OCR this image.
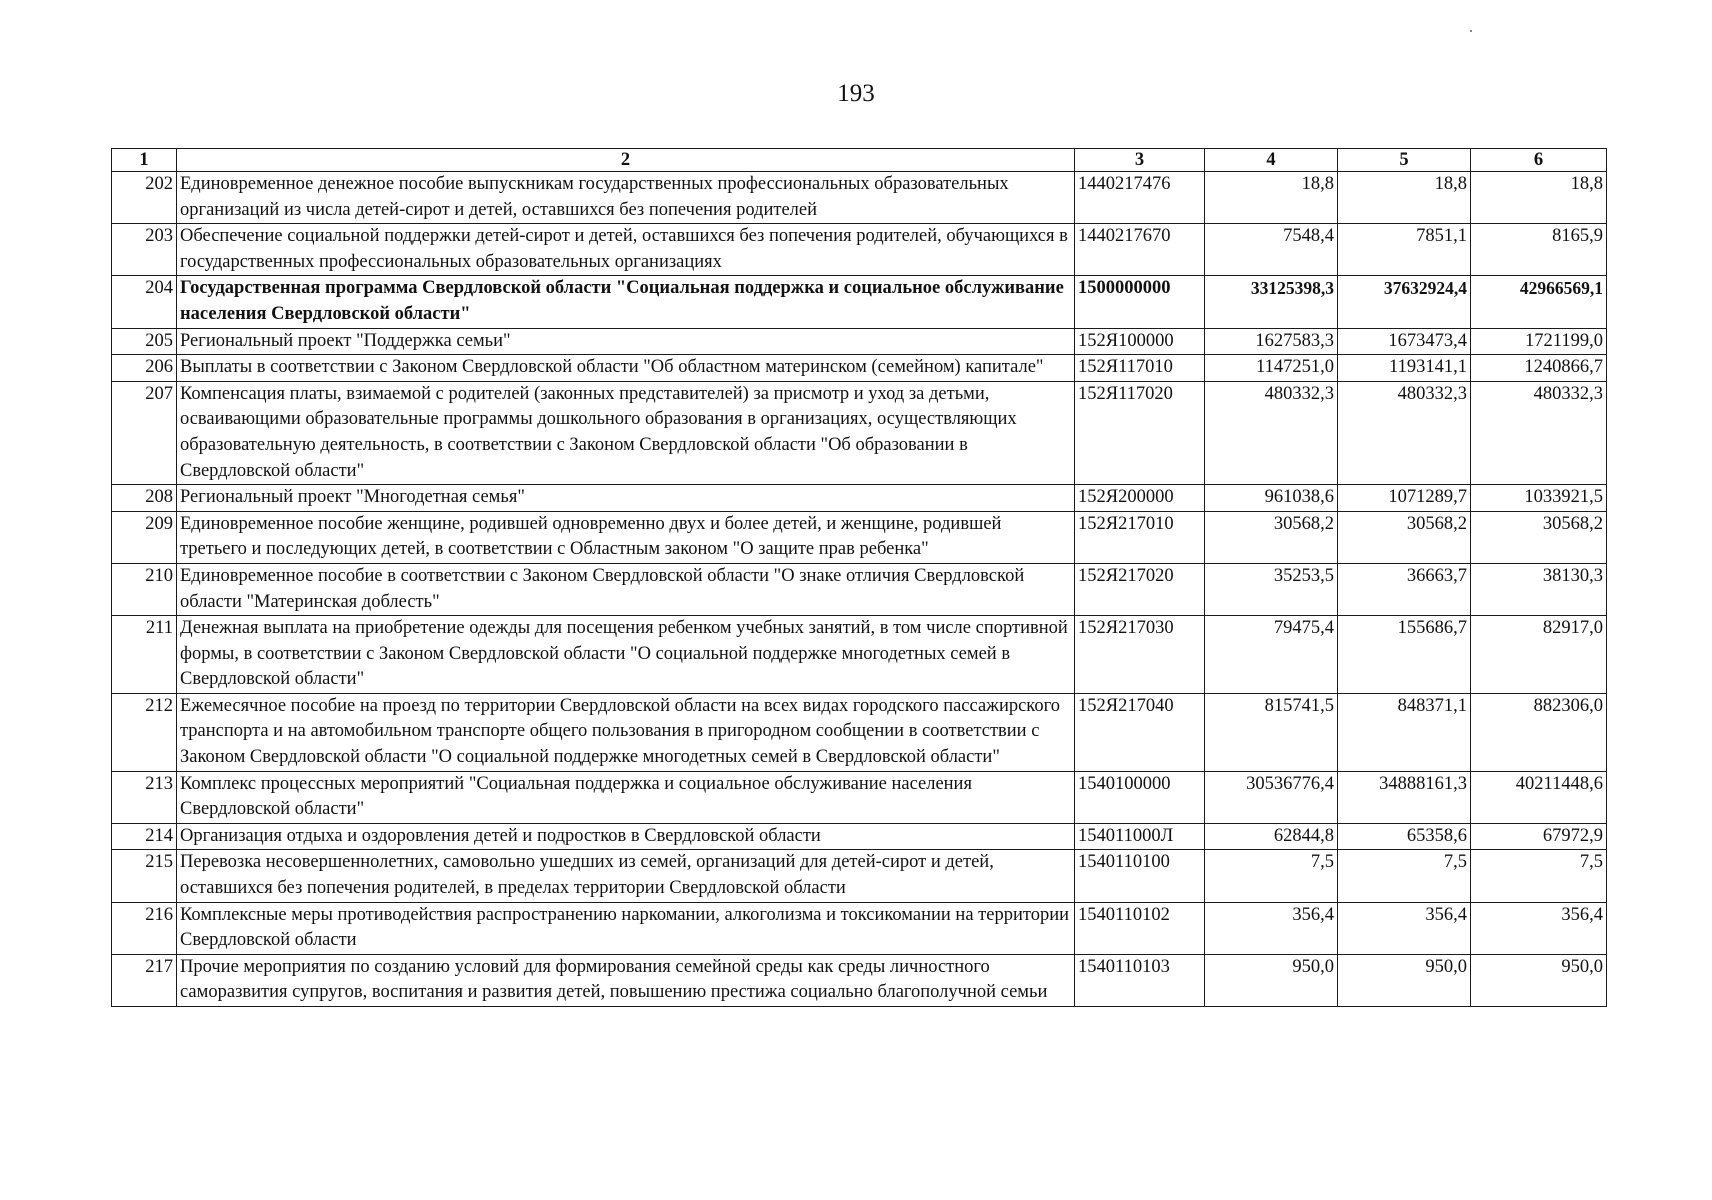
193
1	2	3	4	5	6

202	Единовременное денежное пособие выпускникам государственных профессиональных образовательных организаций из числа детей-сирот и детей, оставшихся без попечения родителей	1440217476	18,8	18,8	18,8

203	Обеспечение социальной поддержки детей-сирот и детей, оставшихся без попечения родителей, обучающихся в государственных профессиональных образовательных организациях	1440217670	7548,4	7851,1	8165,9

204	Государственная программа Свердловской области "Социальная поддержка и социальное обслуживание населения Свердловской области"	1500000000	33125398,3	37632924,4	42966569,1

205	Региональный проект "Поддержка семьи"	152Я100000	1627583,3	1673473,4	1721199,0

206	Выплаты в соответствии с Законом Свердловской области "Об областном материнском (семейном) капитале"	152Я117010	1147251,0	1193141,1	1240866,7

207	Компенсация платы, взимаемой с родителей (законных представителей) за присмотр и уход за детьми, осваивающими образовательные программы дошкольного образования в организациях, осуществляющих образовательную деятельность, в соответствии с Законом Свердловской области "Об образовании в Свердловской области"	152Я117020	480332,3	480332,3	480332,3

208	Региональный проект "Многодетная семья"	152Я200000	961038,6	1071289,7	1033921,5

209	Единовременное пособие женщине, родившей одновременно двух и более детей, и женщине, родившей третьего и последующих детей, в соответствии с Областным законом "О защите прав ребенка"	152Я217010	30568,2	30568,2	30568,2

210	Единовременное пособие в соответствии с Законом Свердловской области "О знаке отличия Свердловской области "Материнская доблесть"	152Я217020	35253,5	36663,7	38130,3

211	Денежная выплата на приобретение одежды для посещения ребенком учебных занятий, в том числе спортивной формы, в соответствии с Законом Свердловской области "О социальной поддержке многодетных семей в Свердловской области"	152Я217030	79475,4	155686,7	82917,0

212	Ежемесячное пособие на проезд по территории Свердловской области на всех видах городского пассажирского транспорта и на автомобильном транспорте общего пользования в пригородном сообщении в соответствии с Законом Свердловской области "О социальной поддержке многодетных семей в Свердловской области"	152Я217040	815741,5	848371,1	882306,0

213	Комплекс процессных мероприятий "Социальная поддержка и социальное обслуживание населения Свердловской области"	1540100000	30536776,4	34888161,3	40211448,6

214	Организация отдыха и оздоровления детей и подростков в Свердловской области	154011000Л	62844,8	65358,6	67972,9

215	Перевозка несовершеннолетних, самовольно ушедших из семей, организаций для детей-сирот и детей, оставшихся без попечения родителей, в пределах территории Свердловской области	1540110100	7,5	7,5	7,5

216	Комплексные меры противодействия распространению наркомании, алкоголизма и токсикомании на территории Свердловской области	1540110102	356,4	356,4	356,4

217	Прочие мероприятия по созданию условий для формирования семейной среды как среды личностного саморазвития супругов, воспитания и развития детей, повышению престижа социально благополучной семьи	1540110103	950,0	950,0	950,0
